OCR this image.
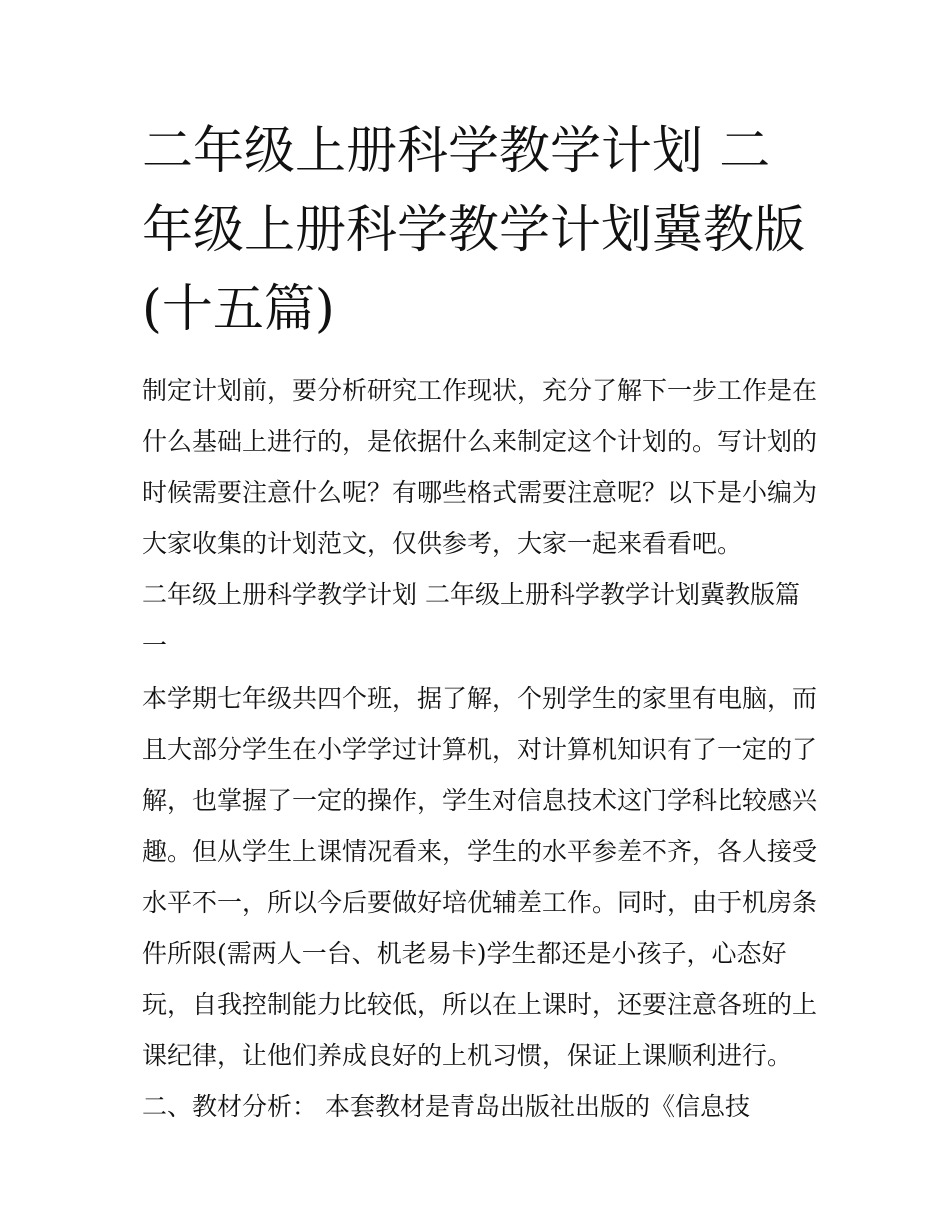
二年级上册科学教学计划 二年级上册科学教学计划冀教版(十五篇)

制定计划前，要分析研究工作现状，充分了解下一步工作是在什么基础上进行的，是依据什么来制定这个计划的。写计划的时候需要注意什么呢？有哪些格式需要注意呢？以下是小编为大家收集的计划范文，仅供参考，大家一起来看看吧。

二年级上册科学教学计划 二年级上册科学教学计划冀教版篇一

本学期七年级共四个班，据了解，个别学生的家里有电脑，而且大部分学生在小学学过计算机，对计算机知识有了一定的了解，也掌握了一定的操作，学生对信息技术这门学科比较感兴趣。但从学生上课情况看来，学生的水平参差不齐，各人接受水平不一，所以今后要做好培优辅差工作。同时，由于机房条件所限(需两人一台、机老易卡)学生都还是小孩子，心态好玩，自我控制能力比较低，所以在上课时，还要注意各班的上课纪律，让他们养成良好的上机习惯，保证上课顺利进行。

二、教材分析： 本套教材是青岛出版社出版的《信息技
